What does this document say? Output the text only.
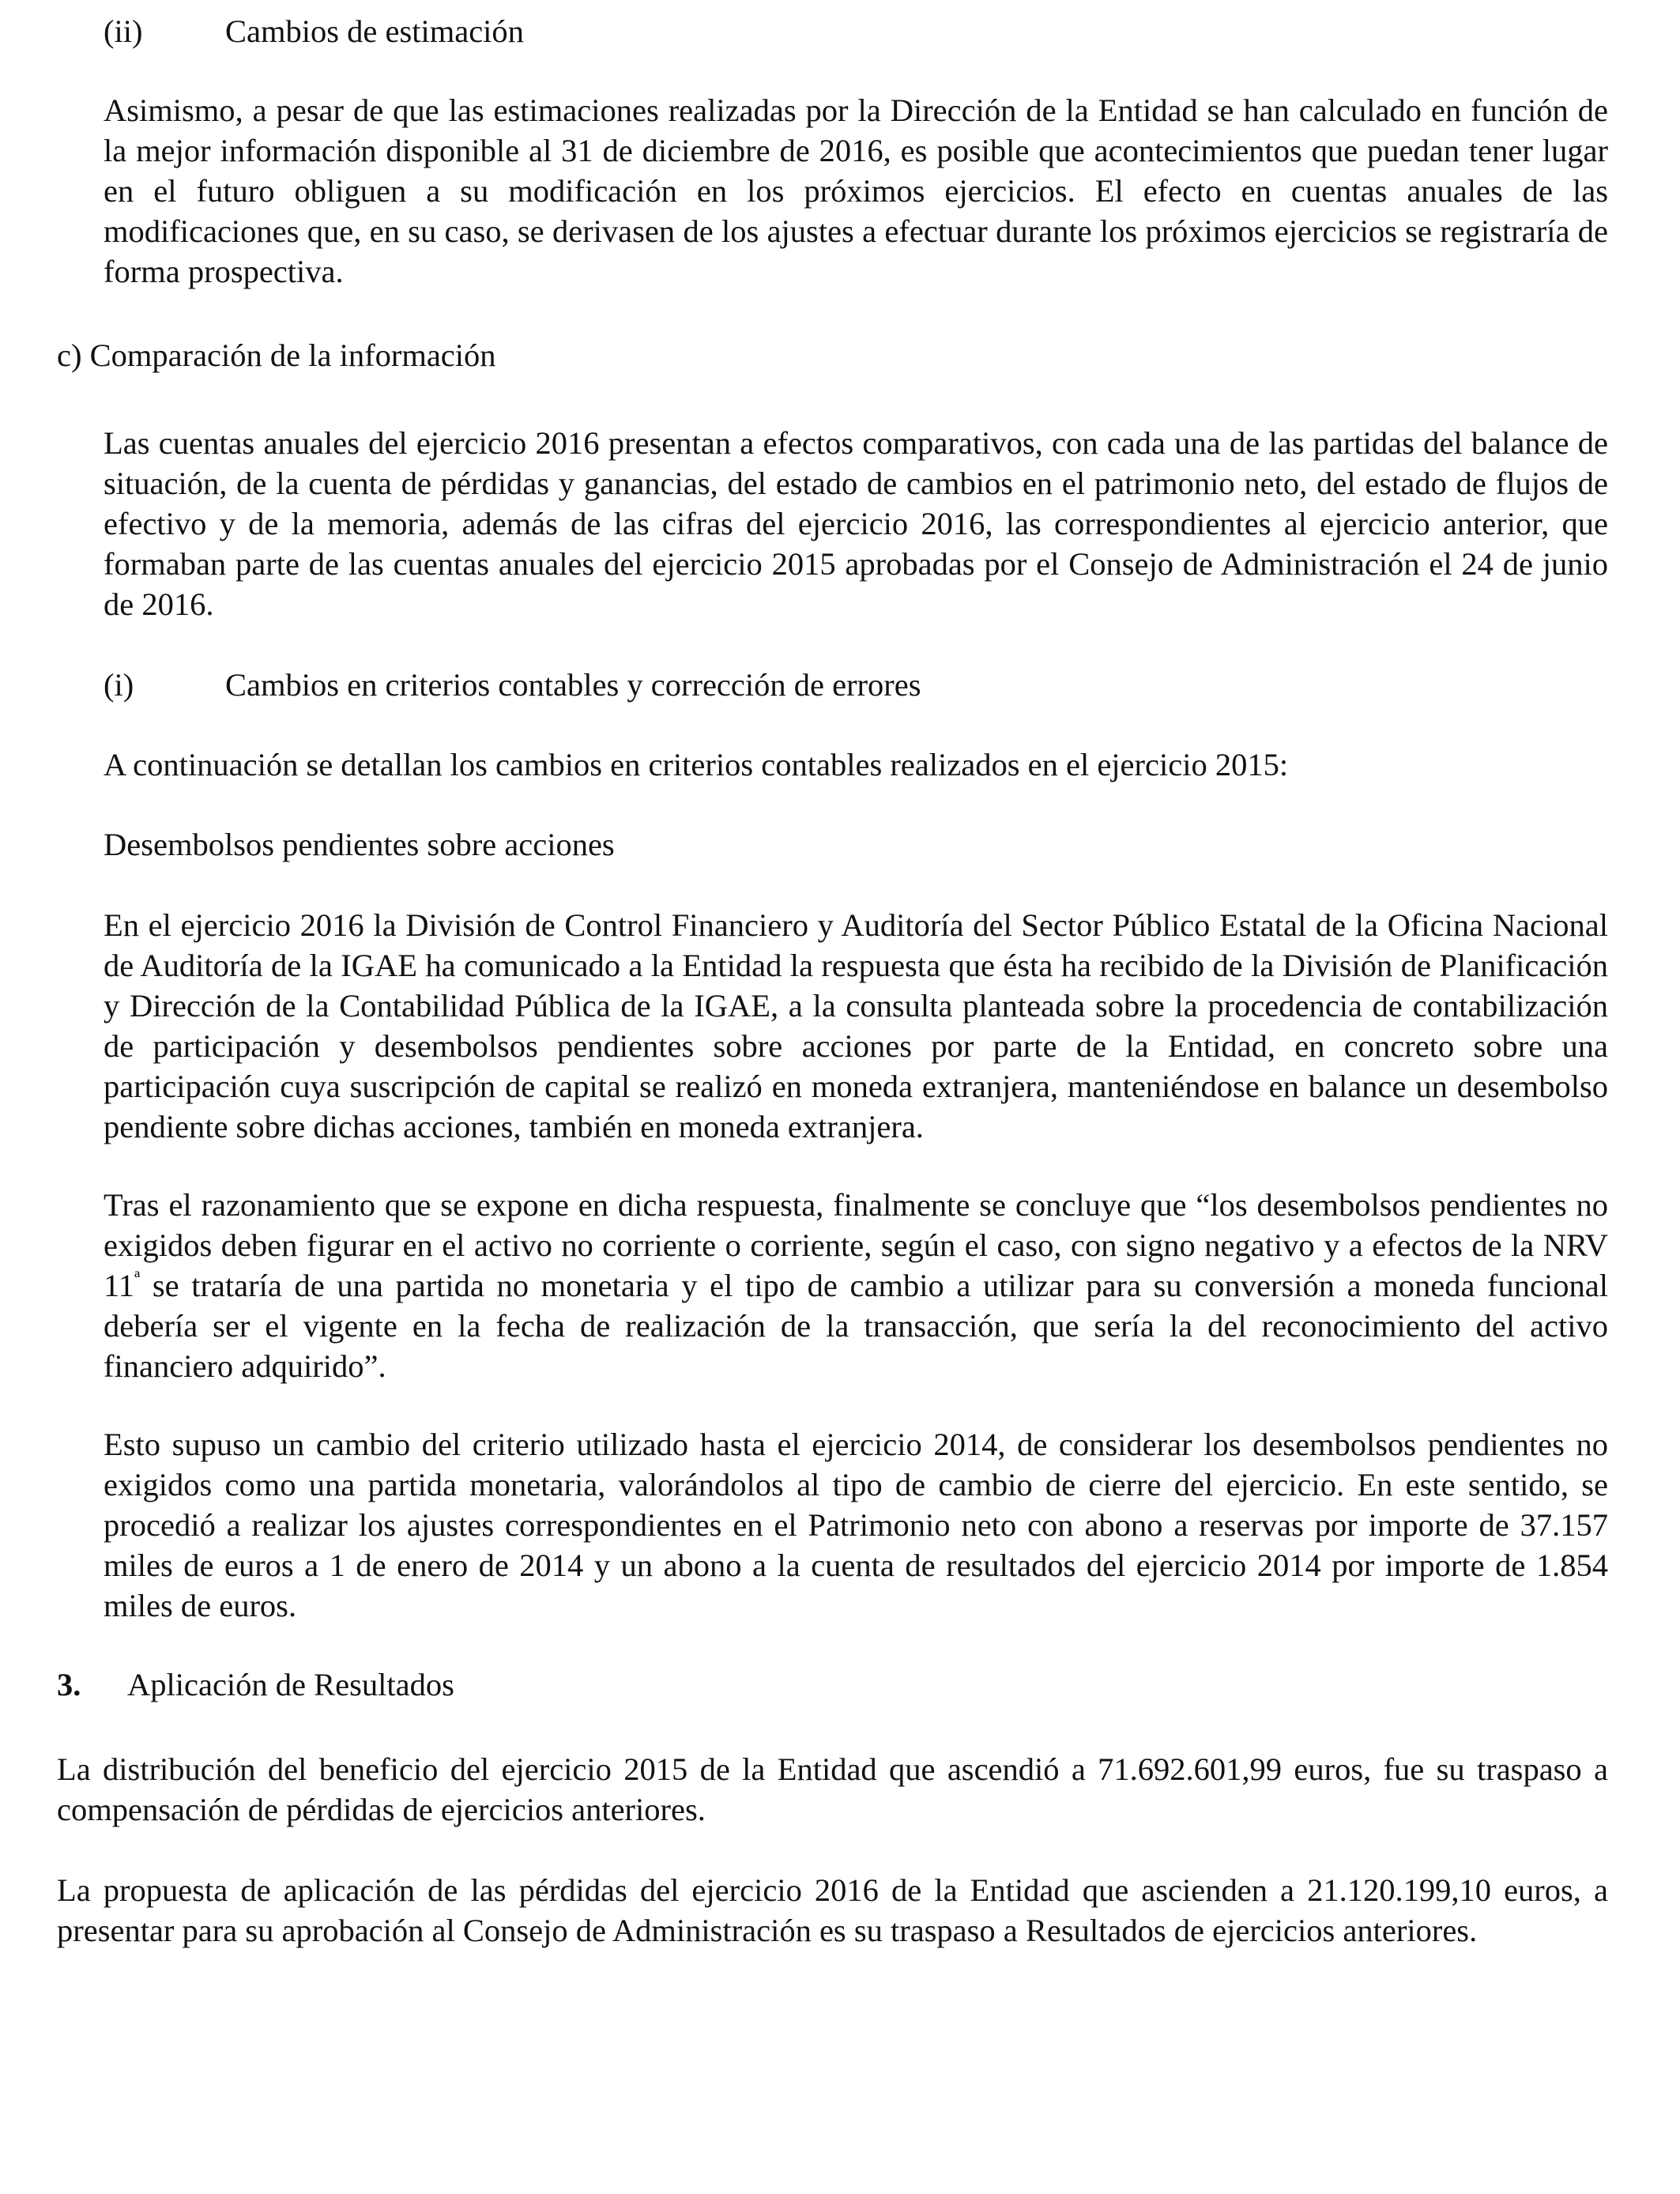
(ii)	Cambios de estimación

Asimismo, a pesar de que las estimaciones realizadas por la Dirección de la Entidad se han calculado en función de la mejor información disponible al 31 de diciembre de 2016, es posible que acontecimientos que puedan tener lugar en el futuro obliguen a su modificación en los próximos ejercicios. El efecto en cuentas anuales de las modificaciones que, en su caso, se derivasen de los ajustes a efectuar durante los próximos ejercicios se registraría de forma prospectiva.

c) Comparación de la información

Las cuentas anuales del ejercicio 2016 presentan a efectos comparativos, con cada una de las partidas del balance de situación, de la cuenta de pérdidas y ganancias, del estado de cambios en el patrimonio neto, del estado de flujos de efectivo y de la memoria, además de las cifras del ejercicio 2016, las correspondientes al ejercicio anterior, que formaban parte de las cuentas anuales del ejercicio 2015 aprobadas por el Consejo de Administración el 24 de junio de 2016.

(i)	Cambios en criterios contables y corrección de errores

A continuación se detallan los cambios en criterios contables realizados en el ejercicio 2015:

Desembolsos pendientes sobre acciones

En el ejercicio 2016 la División de Control Financiero y Auditoría del Sector Público Estatal de la Oficina Nacional de Auditoría de la IGAE ha comunicado a la Entidad la respuesta que ésta ha recibido de la División de Planificación y Dirección de la Contabilidad Pública de la IGAE, a la consulta planteada sobre la procedencia de contabilización de participación y desembolsos pendientes sobre acciones por parte de la Entidad, en concreto sobre una participación cuya suscripción de capital se realizó en moneda extranjera, manteniéndose en balance un desembolso pendiente sobre dichas acciones, también en moneda extranjera.

Tras el razonamiento que se expone en dicha respuesta, finalmente se concluye que “los desembolsos pendientes no exigidos deben figurar en el activo no corriente o corriente, según el caso, con signo negativo y a efectos de la NRV $11^ª$ se trataría de una partida no monetaria y el tipo de cambio a utilizar para su conversión a moneda funcional debería ser el vigente en la fecha de realización de la transacción, que sería la del reconocimiento del activo financiero adquirido”.

Esto supuso un cambio del criterio utilizado hasta el ejercicio 2014, de considerar los desembolsos pendientes no exigidos como una partida monetaria, valorándolos al tipo de cambio de cierre del ejercicio. En este sentido, se procedió a realizar los ajustes correspondientes en el Patrimonio neto con abono a reservas por importe de 37.157 miles de euros a 1 de enero de 2014 y un abono a la cuenta de resultados del ejercicio 2014 por importe de 1.854 miles de euros.

3. Aplicación de Resultados

La distribución del beneficio del ejercicio 2015 de la Entidad que ascendió a 71.692.601,99 euros, fue su traspaso a compensación de pérdidas de ejercicios anteriores.

La propuesta de aplicación de las pérdidas del ejercicio 2016 de la Entidad que ascienden a 21.120.199,10 euros, a presentar para su aprobación al Consejo de Administración es su traspaso a Resultados de ejercicios anteriores.
